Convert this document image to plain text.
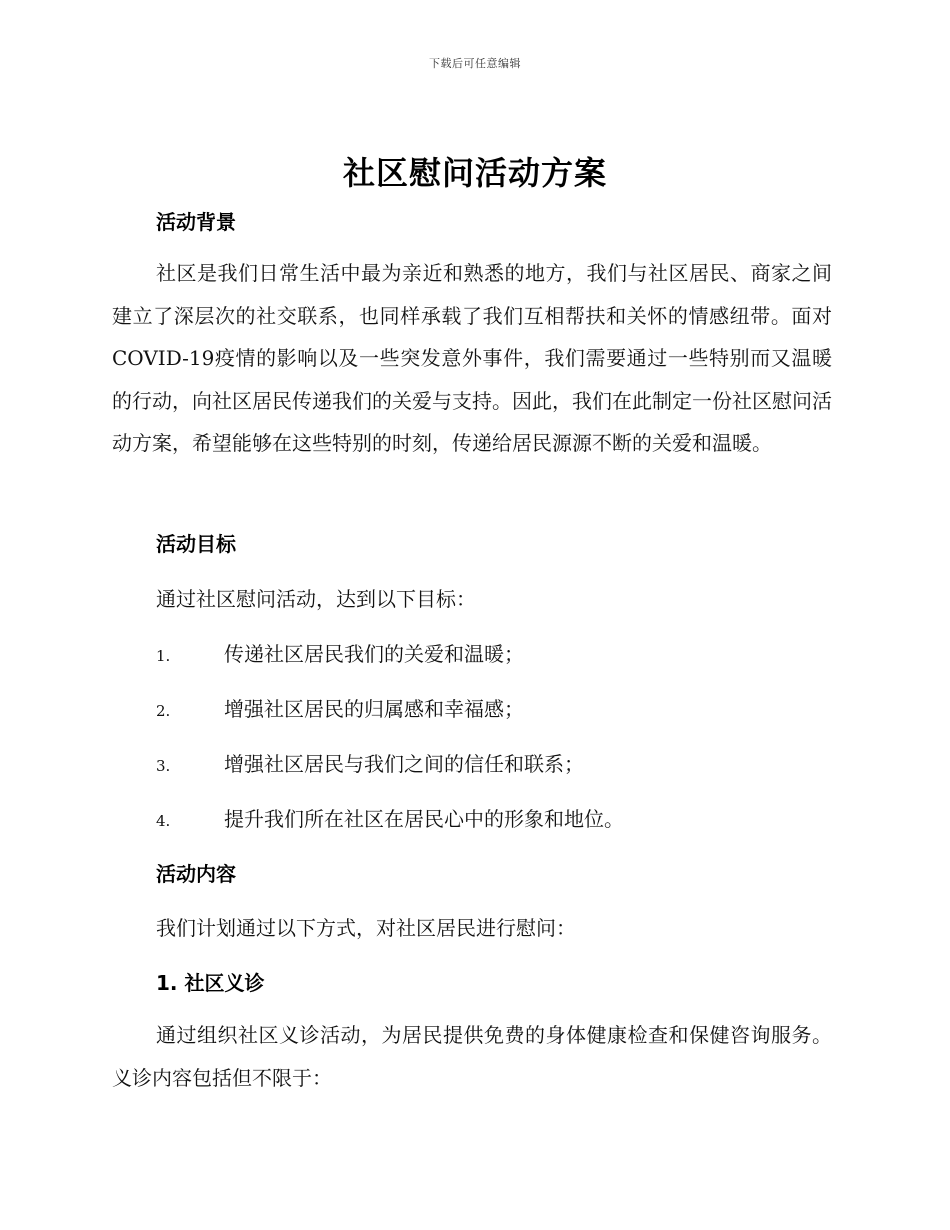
下载后可任意编辑
社区慰问活动方案
活动背景
社区是我们日常生活中最为亲近和熟悉的地方，我们与社区居民、商家之间建立了深层次的社交联系，也同样承载了我们互相帮扶和关怀的情感纽带。面对COVID-19疫情的影响以及一些突发意外事件，我们需要通过一些特别而又温暖的行动，向社区居民传递我们的关爱与支持。因此，我们在此制定一份社区慰问活动方案，希望能够在这些特别的时刻，传递给居民源源不断的关爱和温暖。
活动目标
通过社区慰问活动，达到以下目标：
1.	传递社区居民我们的关爱和温暖；
2.	增强社区居民的归属感和幸福感；
3.	增强社区居民与我们之间的信任和联系；
4.	提升我们所在社区在居民心中的形象和地位。
活动内容
我们计划通过以下方式，对社区居民进行慰问：
1. 社区义诊
通过组织社区义诊活动，为居民提供免费的身体健康检查和保健咨询服务。义诊内容包括但不限于：
